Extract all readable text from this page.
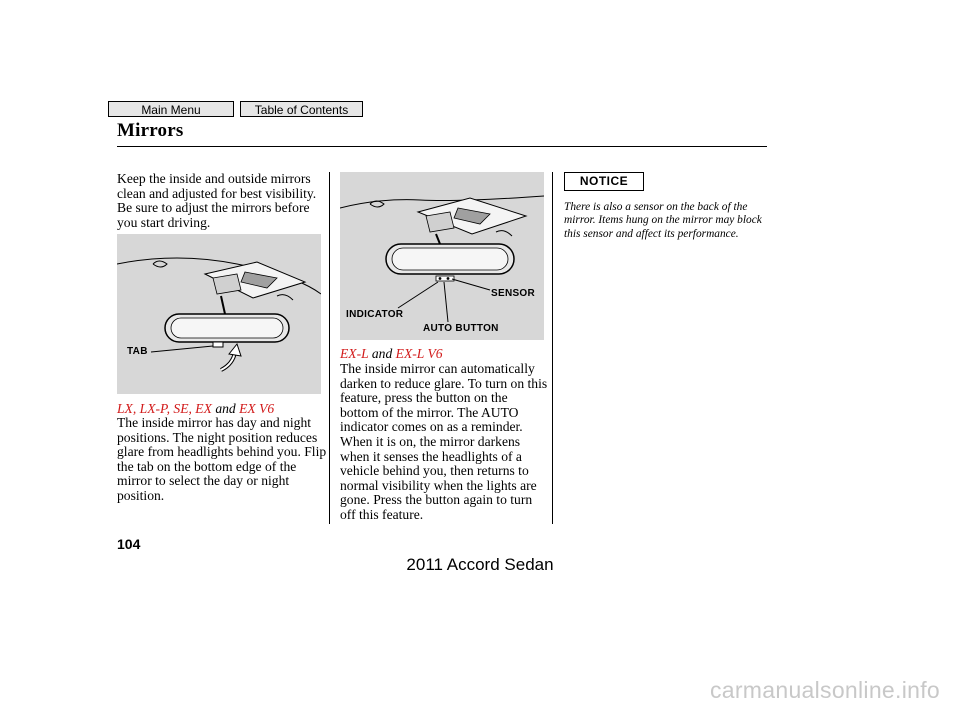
Main Menu	Table of Contents
Mirrors
Keep the inside and outside mirrors clean and adjusted for best visibility. Be sure to adjust the mirrors before you start driving.
TAB
LX, LX-P, SE, EX and EX V6
The inside mirror has day and night positions. The night position reduces glare from headlights behind you. Flip the tab on the bottom edge of the mirror to select the day or night position.
INDICATOR
AUTO BUTTON
SENSOR
EX-L and EX-L V6
The inside mirror can automatically darken to reduce glare. To turn on this feature, press the button on the bottom of the mirror. The AUTO indicator comes on as a reminder. When it is on, the mirror darkens when it senses the headlights of a vehicle behind you, then returns to normal visibility when the lights are gone. Press the button again to turn off this feature.
NOTICE
There is also a sensor on the back of the mirror. Items hung on the mirror may block this sensor and affect its performance.
104
2011 Accord Sedan
carmanualsonline.info
